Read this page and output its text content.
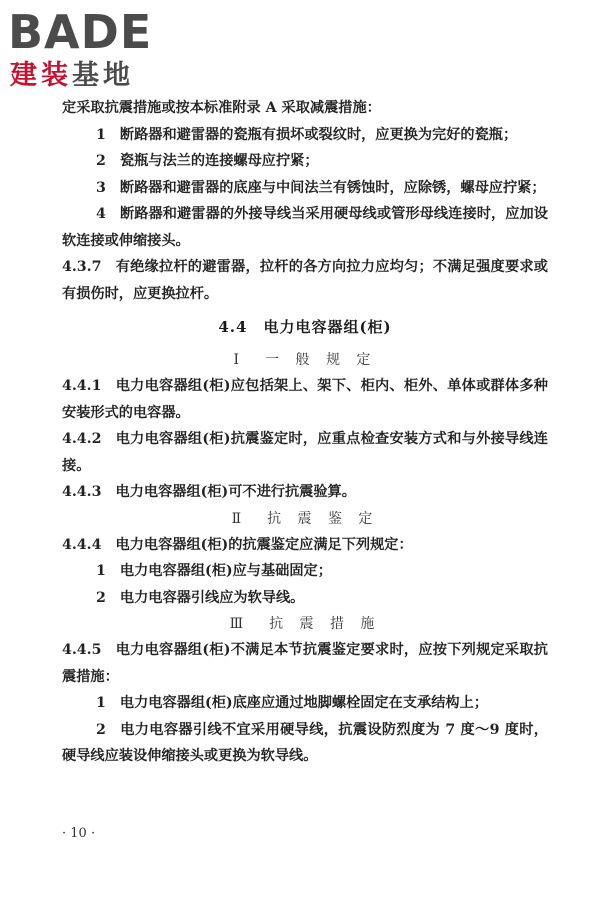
BADE
建装基地

定采取抗震措施或按本标准附录 A 采取减震措施：

1 断路器和避雷器的瓷瓶有损坏或裂纹时，应更换为完好的瓷瓶；

2 瓷瓶与法兰的连接螺母应拧紧；

3 断路器和避雷器的底座与中间法兰有锈蚀时，应除锈，螺母应拧紧；

4 断路器和避雷器的外接导线当采用硬母线或管形母线连接时，应加设软连接或伸缩接头。

4.3.7 有绝缘拉杆的避雷器，拉杆的各方向拉力应均匀；不满足强度要求或有损伤时，应更换拉杆。

4.4　电力电容器组(柜)

Ⅰ　一 般 规 定

4.4.1 电力电容器组(柜)应包括架上、架下、柜内、柜外、单体或群体多种安装形式的电容器。

4.4.2 电力电容器组(柜)抗震鉴定时，应重点检查安装方式和与外接导线连接。

4.4.3 电力电容器组(柜)可不进行抗震验算。

Ⅱ　抗 震 鉴 定

4.4.4 电力电容器组(柜)的抗震鉴定应满足下列规定：

1 电力电容器组(柜)应与基础固定；

2 电力电容器引线应为软导线。

Ⅲ　抗 震 措 施

4.4.5 电力电容器组(柜)不满足本节抗震鉴定要求时，应按下列规定采取抗震措施：

1 电力电容器组(柜)底座应通过地脚螺栓固定在支承结构上；

2 电力电容器引线不宜采用硬导线，抗震设防烈度为 7 度～9 度时，硬导线应装设伸缩接头或更换为软导线。

· 10 ·
